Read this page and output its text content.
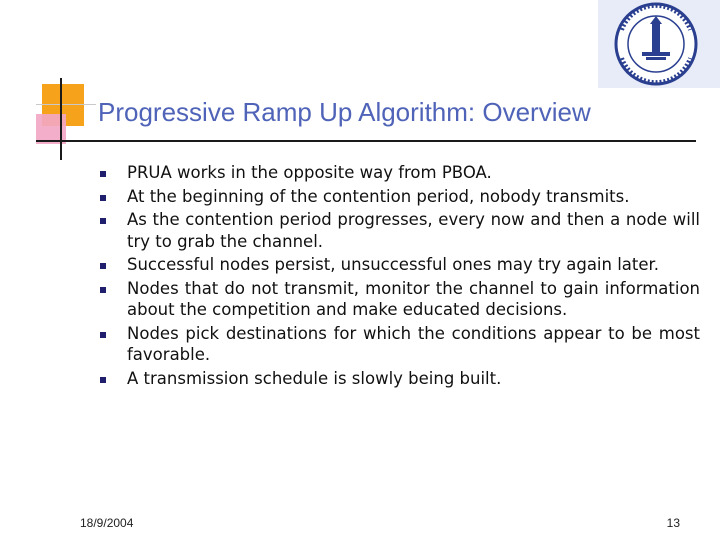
Progressive Ramp Up Algorithm: Overview
PRUA works in the opposite way from PBOA.
At the beginning of the contention period, nobody transmits.
As the contention period progresses, every now and then a node will try to grab the channel.
Successful nodes persist, unsuccessful ones may try again later.
Nodes that do not transmit, monitor the channel to gain information about the competition and make educated decisions.
Nodes pick destinations for which the conditions appear to be most favorable.
A transmission schedule is slowly being built.
18/9/2004	13
